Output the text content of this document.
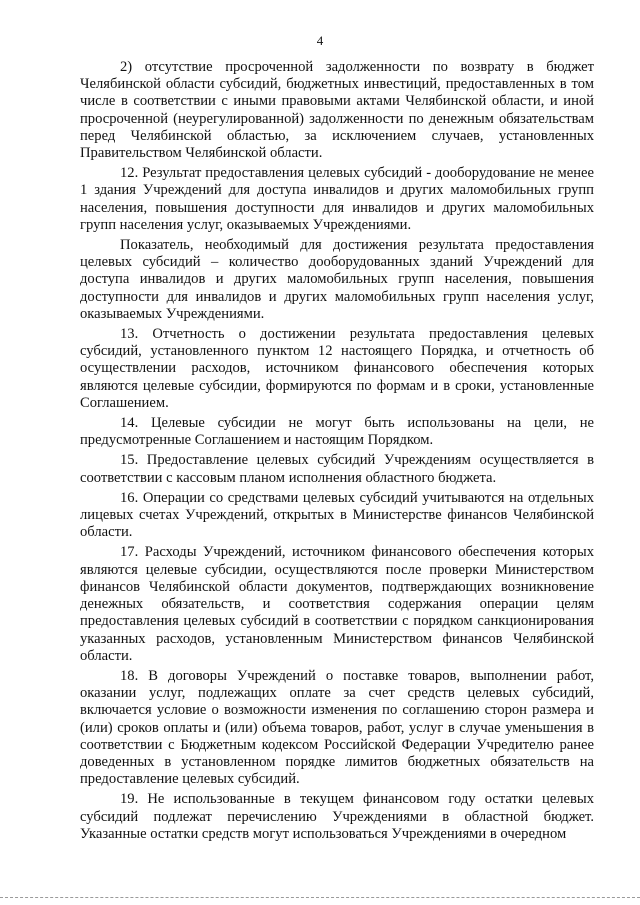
4

2) отсутствие просроченной задолженности по возврату в бюджет Челябинской области субсидий, бюджетных инвестиций, предоставленных в том числе в соответствии с иными правовыми актами Челябинской области, и иной просроченной (неурегулированной) задолженности по денежным обязательствам перед Челябинской областью, за исключением случаев, установленных Правительством Челябинской области.

12. Результат предоставления целевых субсидий - дооборудование не менее 1 здания Учреждений для доступа инвалидов и других маломобильных групп населения, повышения доступности для инвалидов и других маломобильных групп населения услуг, оказываемых Учреждениями.

Показатель, необходимый для достижения результата предоставления целевых субсидий – количество дооборудованных зданий Учреждений для доступа инвалидов и других маломобильных групп населения, повышения доступности для инвалидов и других маломобильных групп населения услуг, оказываемых Учреждениями.

13. Отчетность о достижении результата предоставления целевых субсидий, установленного пунктом 12 настоящего Порядка, и отчетность об осуществлении расходов, источником финансового обеспечения которых являются целевые субсидии, формируются по формам и в сроки, установленные Соглашением.

14. Целевые субсидии не могут быть использованы на цели, не предусмотренные Соглашением и настоящим Порядком.

15. Предоставление целевых субсидий Учреждениям осуществляется в соответствии с кассовым планом исполнения областного бюджета.

16. Операции со средствами целевых субсидий учитываются на отдельных лицевых счетах Учреждений, открытых в Министерстве финансов Челябинской области.

17. Расходы Учреждений, источником финансового обеспечения которых являются целевые субсидии, осуществляются после проверки Министерством финансов Челябинской области документов, подтверждающих возникновение денежных обязательств, и соответствия содержания операции целям предоставления целевых субсидий в соответствии с порядком санкционирования указанных расходов, установленным Министерством финансов Челябинской области.

18. В договоры Учреждений о поставке товаров, выполнении работ, оказании услуг, подлежащих оплате за счет средств целевых субсидий, включается условие о возможности изменения по соглашению сторон размера и (или) сроков оплаты и (или) объема товаров, работ, услуг в случае уменьшения в соответствии с Бюджетным кодексом Российской Федерации Учредителю ранее доведенных в установленном порядке лимитов бюджетных обязательств на предоставление целевых субсидий.

19. Не использованные в текущем финансовом году остатки целевых субсидий подлежат перечислению Учреждениями в областной бюджет. Указанные остатки средств могут использоваться Учреждениями в очередном
